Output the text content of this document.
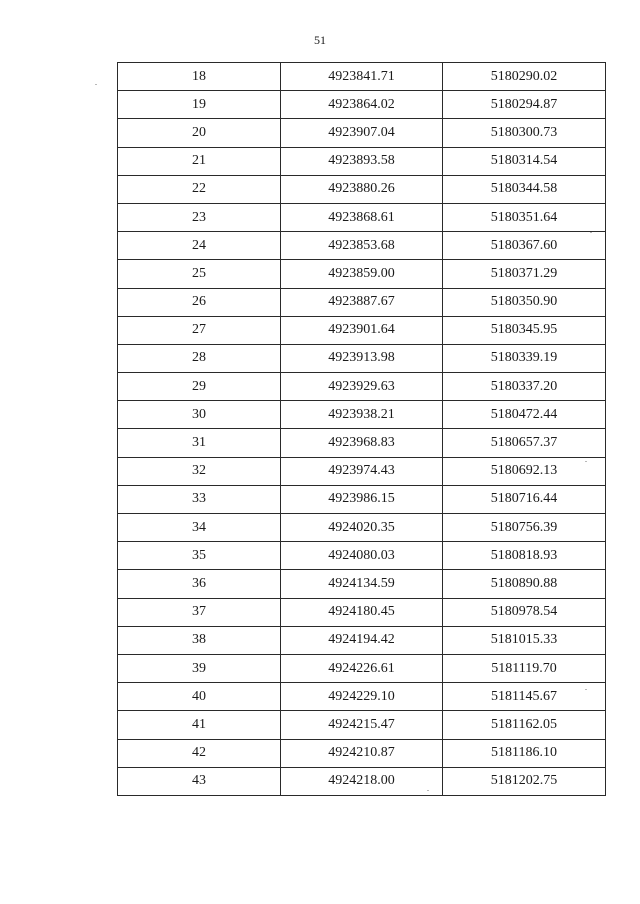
51
18	4923841.71	5180290.02
19	4923864.02	5180294.87
20	4923907.04	5180300.73
21	4923893.58	5180314.54
22	4923880.26	5180344.58
23	4923868.61	5180351.64
24	4923853.68	5180367.60
25	4923859.00	5180371.29
26	4923887.67	5180350.90
27	4923901.64	5180345.95
28	4923913.98	5180339.19
29	4923929.63	5180337.20
30	4923938.21	5180472.44
31	4923968.83	5180657.37
32	4923974.43	5180692.13
33	4923986.15	5180716.44
34	4924020.35	5180756.39
35	4924080.03	5180818.93
36	4924134.59	5180890.88
37	4924180.45	5180978.54
38	4924194.42	5181015.33
39	4924226.61	5181119.70
40	4924229.10	5181145.67
41	4924215.47	5181162.05
42	4924210.87	5181186.10
43	4924218.00	5181202.75
